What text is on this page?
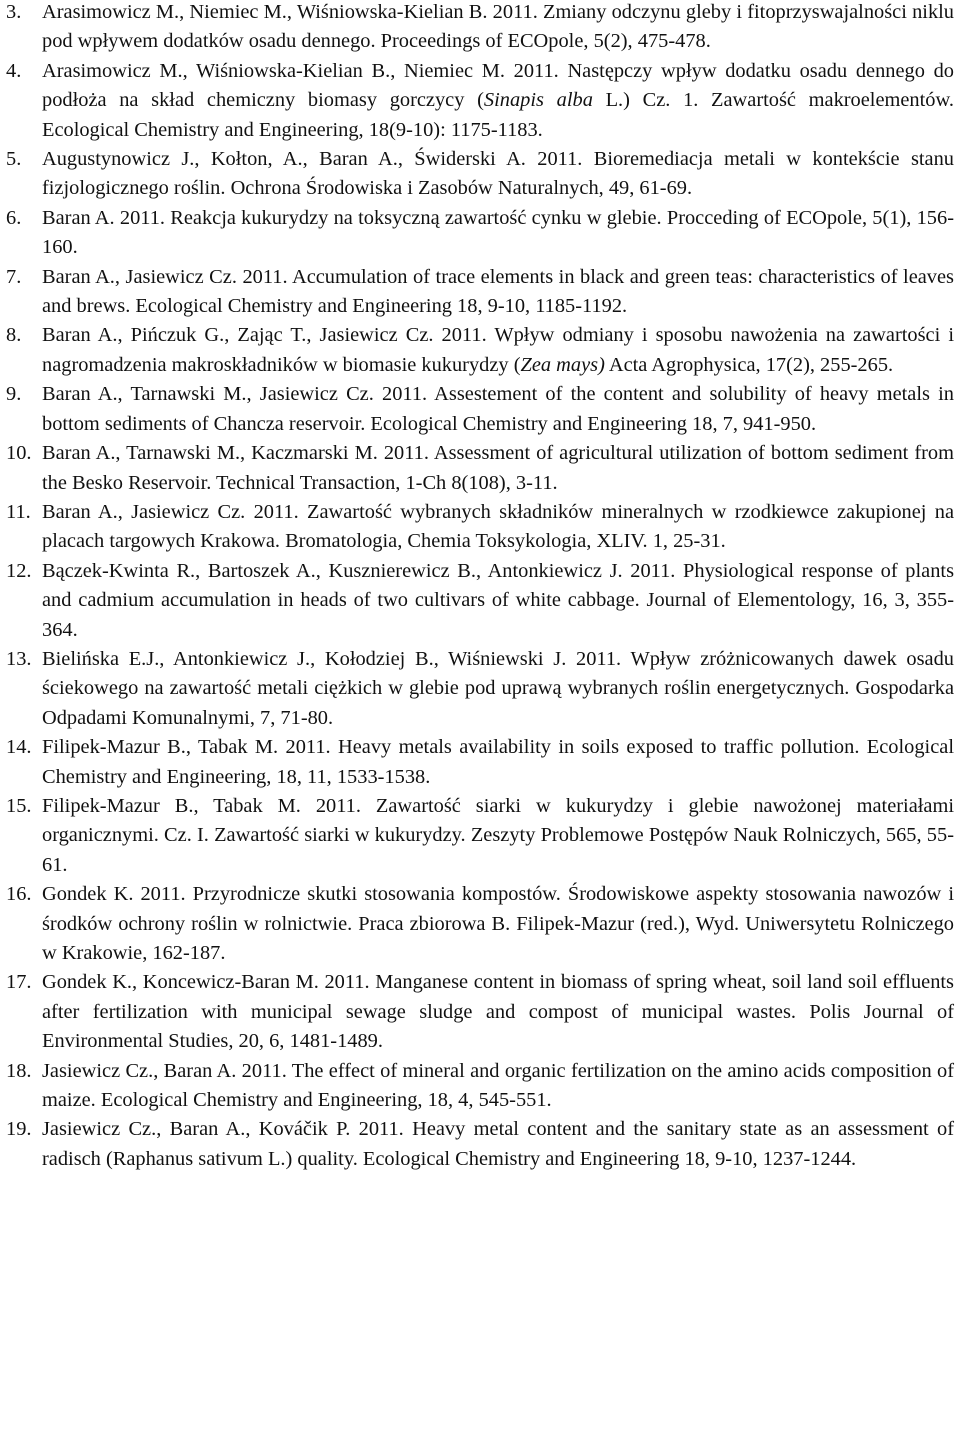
3.	Arasimowicz M., Niemiec M., Wiśniowska-Kielian B. 2011. Zmiany odczynu gleby i fitoprzyswajalności niklu pod wpływem dodatków osadu dennego. Proceedings of ECOpole, 5(2), 475-478.
4.	Arasimowicz M., Wiśniowska-Kielian B., Niemiec M. 2011. Następczy wpływ dodatku osadu dennego do podłoża na skład chemiczny biomasy gorczycy (Sinapis alba L.) Cz. 1. Zawartość makroelementów. Ecological Chemistry and Engineering, 18(9-10): 1175-1183.
5.	Augustynowicz J., Kołton, A., Baran A., Świderski A. 2011. Bioremediacja metali w kontekście stanu fizjologicznego roślin. Ochrona Środowiska i Zasobów Naturalnych, 49, 61-69.
6.	Baran A. 2011. Reakcja kukurydzy na toksyczną zawartość cynku w glebie. Procceding of ECOpole, 5(1), 156-160.
7.	Baran A., Jasiewicz Cz. 2011. Accumulation of trace elements in black and green teas: characteristics of leaves and brews. Ecological Chemistry and Engineering 18, 9-10, 1185-1192.
8.	Baran A., Pińczuk G., Zając T., Jasiewicz Cz. 2011. Wpływ odmiany i sposobu nawożenia na zawartości i nagromadzenia makroskładników w biomasie kukurydzy (Zea mays) Acta Agrophysica, 17(2), 255-265.
9.	Baran A., Tarnawski M., Jasiewicz Cz. 2011. Assestement of the content and solubility of heavy metals in bottom sediments of Chancza reservoir. Ecological Chemistry and Engineering 18, 7, 941-950.
10. Baran A., Tarnawski M., Kaczmarski M. 2011. Assessment of agricultural utilization of bottom sediment from the Besko Reservoir. Technical Transaction, 1-Ch 8(108), 3-11.
11. Baran A., Jasiewicz Cz. 2011. Zawartość wybranych składników mineralnych w rzodkiewce zakupionej na placach targowych Krakowa. Bromatologia, Chemia Toksykologia, XLIV. 1, 25-31.
12. Bączek-Kwinta R., Bartoszek A., Kusznierewicz B., Antonkiewicz J. 2011. Physiological response of plants and cadmium accumulation in heads of two cultivars of white cabbage. Journal of Elementology, 16, 3, 355-364.
13. Bielińska E.J., Antonkiewicz J., Kołodziej B., Wiśniewski J. 2011. Wpływ zróżnicowanych dawek osadu ściekowego na zawartość metali ciężkich w glebie pod uprawą wybranych roślin energetycznych. Gospodarka Odpadami Komunalnymi, 7, 71-80.
14. Filipek-Mazur B., Tabak M. 2011. Heavy metals availability in soils exposed to traffic pollution. Ecological Chemistry and Engineering, 18, 11, 1533-1538.
15. Filipek-Mazur B., Tabak M. 2011. Zawartość siarki w kukurydzy i glebie nawożonej materiałami organicznymi. Cz. I. Zawartość siarki w kukurydzy. Zeszyty Problemowe Postępów Nauk Rolniczych, 565, 55-61.
16. Gondek K. 2011. Przyrodnicze skutki stosowania kompostów. Środowiskowe aspekty stosowania nawozów i środków ochrony roślin w rolnictwie. Praca zbiorowa B. Filipek-Mazur (red.), Wyd. Uniwersytetu Rolniczego w Krakowie, 162-187.
17. Gondek K., Koncewicz-Baran M. 2011. Manganese content in biomass of spring wheat, soil land soil effluents after fertilization with municipal sewage sludge and compost of municipal wastes. Polis Journal of Environmental Studies, 20, 6, 1481-1489.
18. Jasiewicz Cz., Baran A. 2011. The effect of mineral and organic fertilization on the amino acids composition of maize. Ecological Chemistry and Engineering, 18, 4, 545-551.
19. Jasiewicz Cz., Baran A., Kováčik P. 2011. Heavy metal content and the sanitary state as an assessment of radisch (Raphanus sativum L.) quality. Ecological Chemistry and Engineering 18, 9-10, 1237-1244.
